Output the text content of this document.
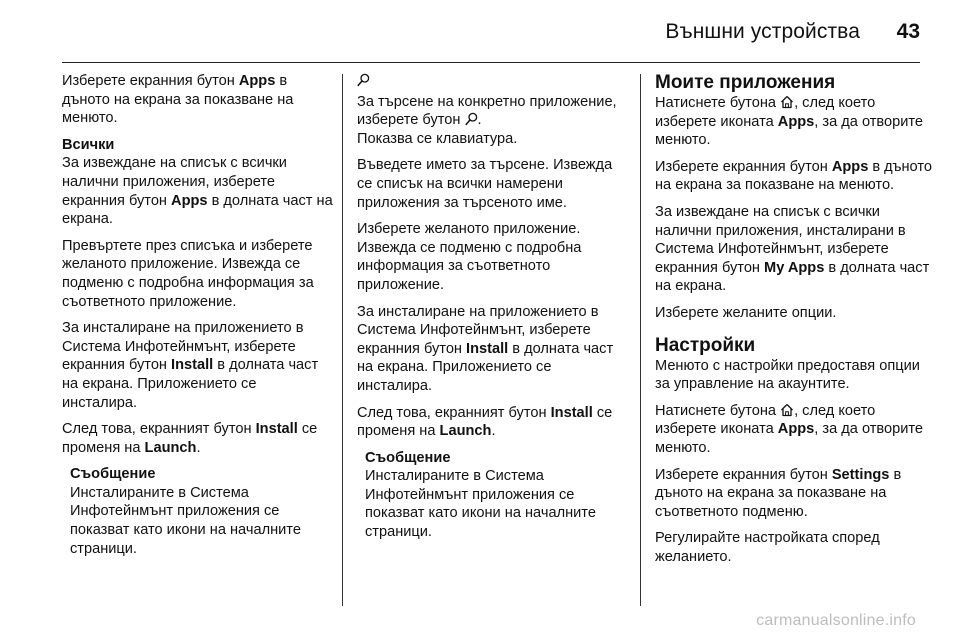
Външни устройства 43

Изберете екранния бутон Apps в дъното на екрана за показване на менюто.

Всички

За извеждане на списък с всички налични приложения, изберете екранния бутон Apps в долната част на екрана.

Превъртете през списъка и изберете желаното приложение. Извежда се подменю с подробна информация за съответното приложение.

За инсталиране на приложението в Система Инфотейнмънт, изберете екранния бутон Install в долната част на екрана. Приложението се инсталира.

След това, екранният бутон Install се променя на Launch.

Съобщение
Инсталираните в Система Инфотейнмънт приложения се показват като икони на началните страници.

За търсене на конкретно приложение, изберете бутон .

Показва се клавиатура.

Въведете името за търсене. Извежда се списък на всички намерени приложения за търсеното име.

Изберете желаното приложение. Извежда се подменю с подробна информация за съответното приложение.

За инсталиране на приложението в Система Инфотейнмънт, изберете екранния бутон Install в долната част на екрана. Приложението се инсталира.

След това, екранният бутон Install се променя на Launch.

Съобщение
Инсталираните в Система Инфотейнмънт приложения се показват като икони на началните страници.
Моите приложения

Натиснете бутона , след което изберете иконата Apps, за да отворите менюто.

Изберете екранния бутон Apps в дъното на екрана за показване на менюто.

За извеждане на списък с всички налични приложения, инсталирани в Система Инфотейнмънт, изберете екранния бутон My Apps в долната част на екрана.

Изберете желаните опции.

Настройки

Менюто с настройки предоставя опции за управление на акаунтите.

Натиснете бутона , след което изберете иконата Apps, за да отворите менюто.

Изберете екранния бутон Settings в дъното на екрана за показване на съответното подменю.

Регулирайте настройката според желанието.

carmanualsonline.info
